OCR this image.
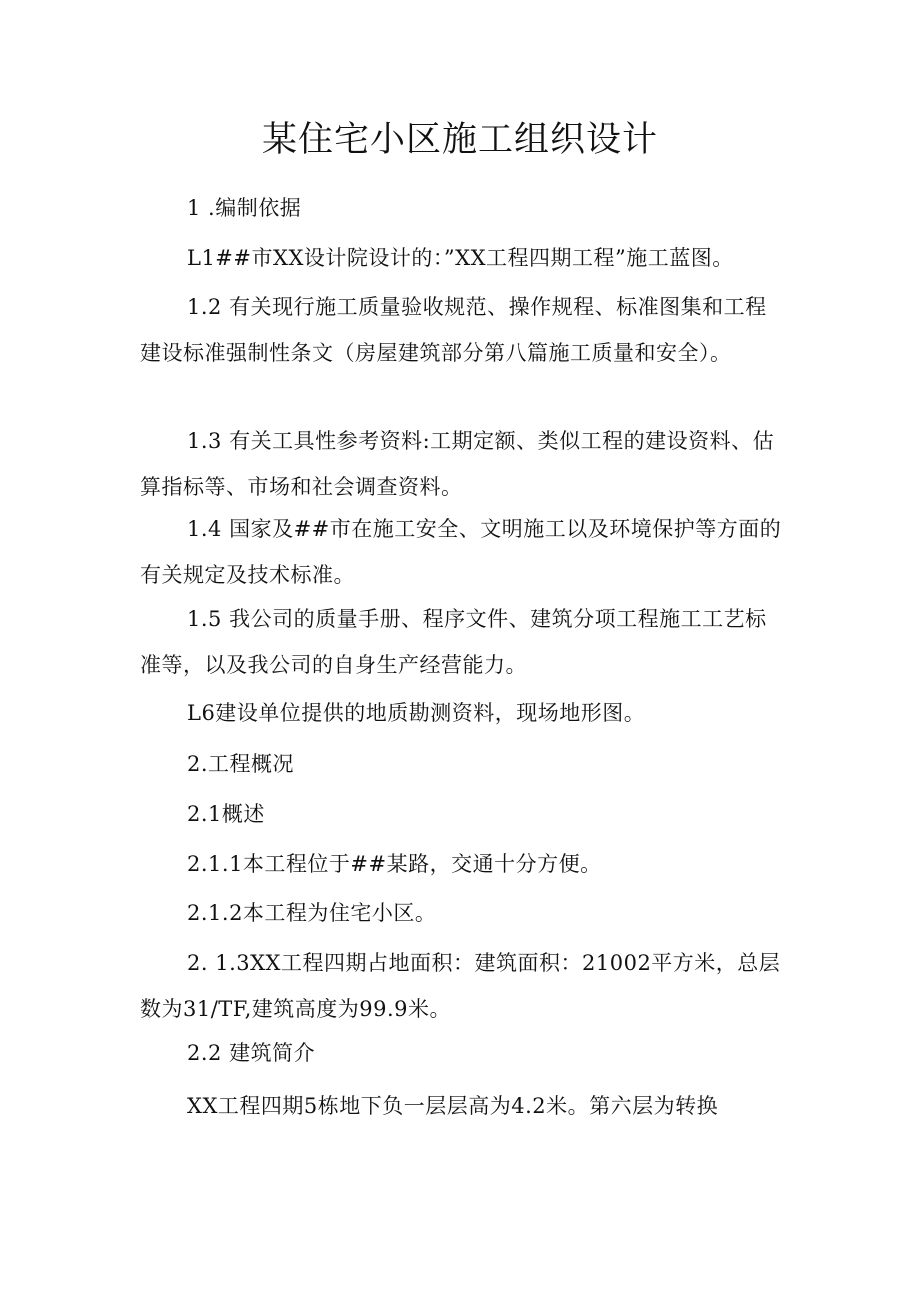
某住宅小区施工组织设计
1 .编制依据
L1##市XX设计院设计的：”XX工程四期工程”施工蓝图。
1.2 有关现行施工质量验收规范、操作规程、标准图集和工程建设标准强制性条文（房屋建筑部分第八篇施工质量和安全）。
1.3 有关工具性参考资料:工期定额、类似工程的建设资料、估算指标等、市场和社会调查资料。
1.4 国家及##市在施工安全、文明施工以及环境保护等方面的有关规定及技术标准。
1.5 我公司的质量手册、程序文件、建筑分项工程施工工艺标准等，以及我公司的自身生产经营能力。
L6建设单位提供的地质勘测资料，现场地形图。
2.工程概况
2.1概述
2.1.1本工程位于##某路，交通十分方便。
2.1.2本工程为住宅小区。
2. 1.3XX工程四期占地面积：建筑面积：21002平方米，总层数为31/TF,建筑高度为99.9米。
2.2 建筑简介
XX工程四期5栋地下负一层层高为4.2米。第六层为转换
